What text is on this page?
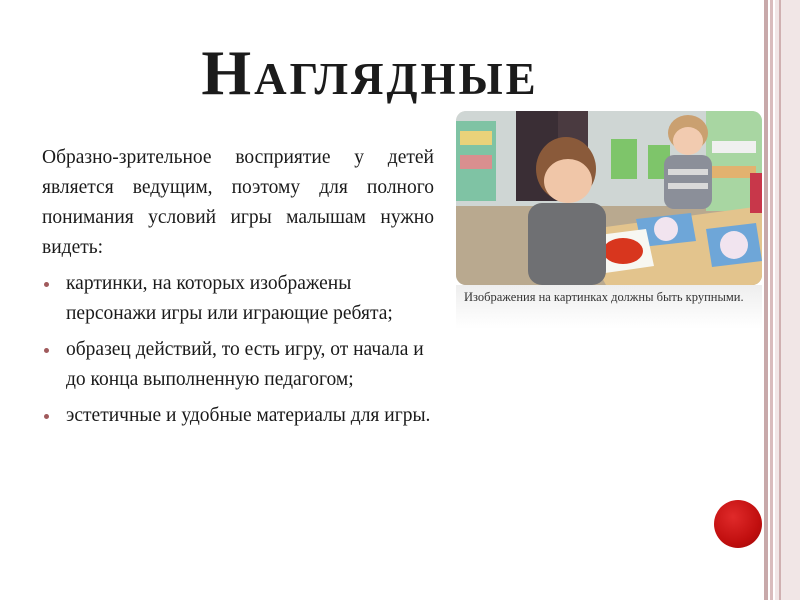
Наглядные

Образно-зрительное восприятие у детей является ведущим, поэтому для полного понимания условий игры малышам нужно видеть:

картинки, на которых изображены персонажи игры или играющие ребята;
образец действий, то есть игру, от начала и до конца выполненную педагогом;
эстетичные и удобные материалы для игры.
Изображения на картинках должны быть крупными.
